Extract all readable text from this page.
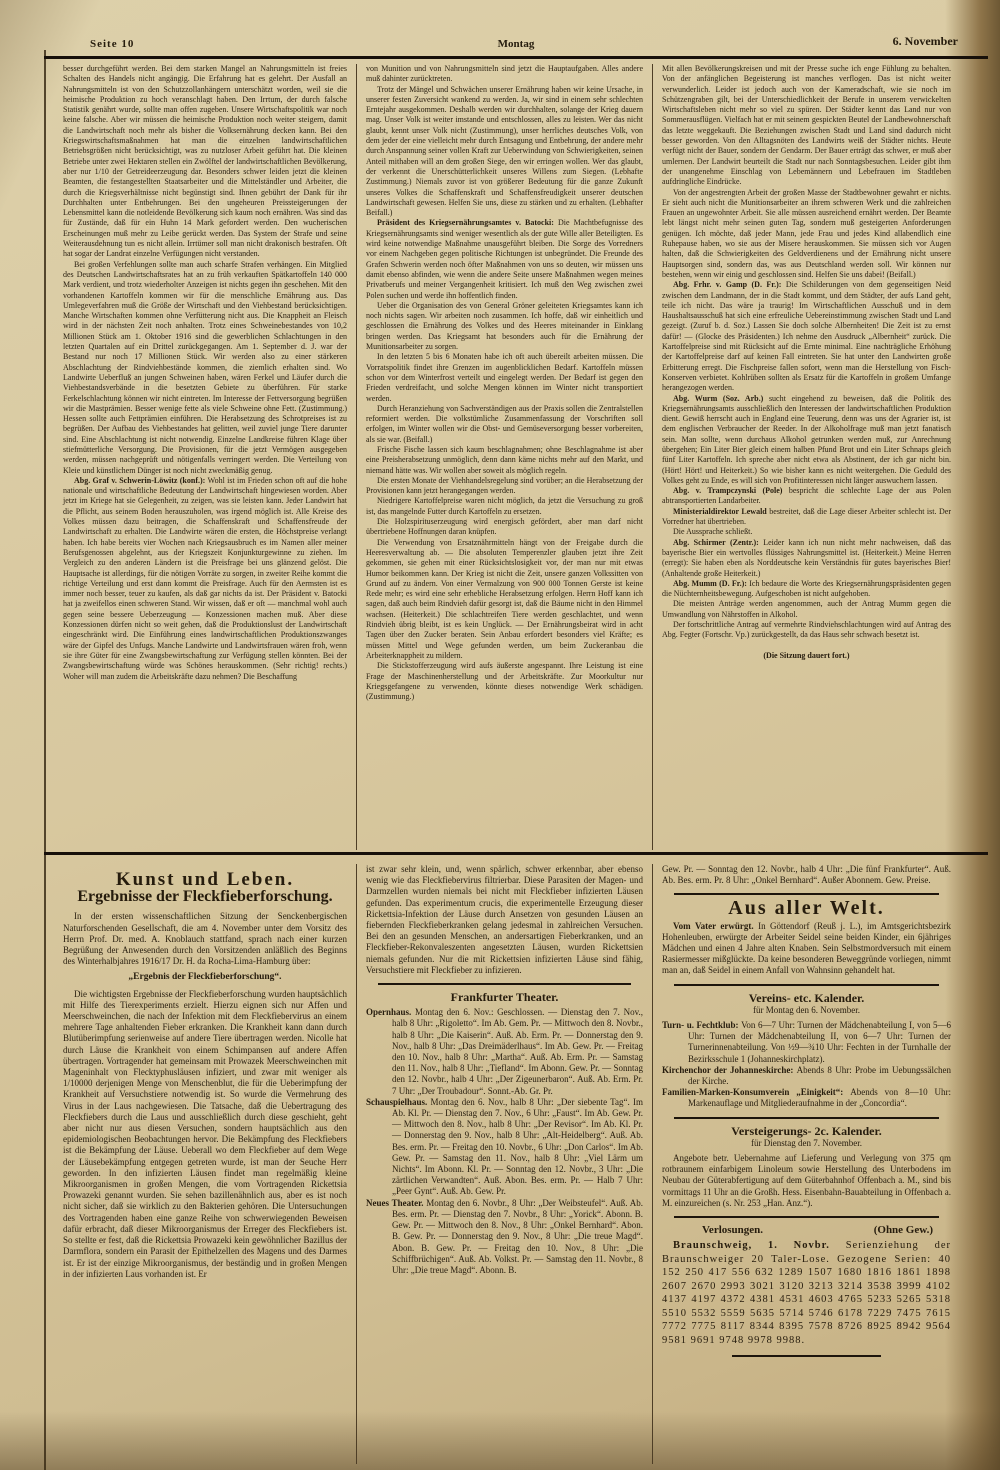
Seite 10	Montag	6. November

besser durchgeführt werden. Bei dem starken Mangel an Nahrungsmitteln ist freies Schalten des Handels nicht angängig. Die Erfahrung hat es gelehrt. Der Ausfall an Nahrungsmitteln ist von den Schutzzollanhängern unterschätzt worden, weil sie die heimische Produktion zu hoch veranschlagt haben. Den Irrtum, der durch falsche Statistik genährt wurde, sollte man offen zugeben. Unsere Wirtschaftspolitik war noch keine falsche. Aber wir müssen die heimische Produktion noch weiter steigern, damit die Landwirtschaft noch mehr als bisher die Volksernährung decken kann. Bei den Kriegswirtschaftsmaßnahmen hat man die einzelnen landwirtschaftlichen Betriebsgrößen nicht berücksichtigt, was zu nutzloser Arbeit geführt hat. Die kleinen Betriebe unter zwei Hektaren stellen ein Zwölftel der landwirtschaftlichen Bevölkerung, aber nur 1/10 der Getreideerzeugung dar. Besonders schwer leiden jetzt die kleinen Beamten, die festangestellten Staatsarbeiter und die Mittelständler und Arbeiter, die durch die Kriegsverhältnisse nicht begünstigt sind. Ihnen gebührt der Dank für ihr Durchhalten unter Entbehrungen. Bei den ungeheuren Preissteigerungen der Lebensmittel kann die notleidende Bevölkerung sich kaum noch ernähren. Was sind das für Zustände, daß für ein Huhn 14 Mark gefordert werden. Den wucherischen Erscheinungen muß mehr zu Leibe gerückt werden. Das System der Strafe und seine Weiterausdehnung tun es nicht allein. Irrtümer soll man nicht drakonisch bestrafen. Oft hat sogar der Landrat einzelne Verfügungen nicht verstanden.

Bei großen Verfehlungen sollte man auch scharfe Strafen verhängen. Ein Mitglied des Deutschen Landwirtschaftsrates hat an zu früh verkauften Spätkartoffeln 140 000 Mark verdient, und trotz wiederholter Anzeigen ist nichts gegen ihn geschehen. Mit den vorhandenen Kartoffeln kommen wir für die menschliche Ernährung aus. Das Umlegeverfahren muß die Größe der Wirtschaft und den Viehbestand berücksichtigen. Manche Wirtschaften kommen ohne Verfütterung nicht aus. Die Knappheit an Fleisch wird in der nächsten Zeit noch anhalten. Trotz eines Schweinebestandes von 10,2 Millionen Stück am 1. Oktober 1916 sind die gewerblichen Schlachtungen in den letzten Quartalen auf ein Drittel zurückgegangen. Am 1. September d. J. war der Bestand nur noch 17 Millionen Stück. Wir werden also zu einer stärkeren Abschlachtung der Rindviehbestände kommen, die ziemlich erhalten sind. Wo Landwirte Ueberfluß an jungen Schweinen haben, wären Ferkel und Läufer durch die Viehbestandsverbände in die besetzten Gebiete zu überführen. Für starke Ferkelschlachtung können wir nicht eintreten. Im Interesse der Fettversorgung begrüßen wir die Mastprämien. Besser wenige fette als viele Schweine ohne Fett. (Zustimmung.) Hessen sollte auch Fettprämien einführen. Die Herabsetzung des Schrotpreises ist zu begrüßen. Der Aufbau des Viehbestandes hat gelitten, weil zuviel junge Tiere darunter sind. Eine Abschlachtung ist nicht notwendig. Einzelne Landkreise führen Klage über stiefmütterliche Versorgung. Die Provisionen, für die jetzt Vermögen ausgegeben werden, müssen nachgeprüft und nötigenfalls verringert werden. Die Verteilung von Kleie und künstlichem Dünger ist noch nicht zweckmäßig genug.

Abg. Graf v. Schwerin-Löwitz (konf.): Wohl ist im Frieden schon oft auf die hohe nationale und wirtschaftliche Bedeutung der Landwirtschaft hingewiesen worden. Aber jetzt im Kriege hat sie Gelegenheit, zu zeigen, was sie leisten kann. Jeder Landwirt hat die Pflicht, aus seinem Boden herauszuholen, was irgend möglich ist. Alle Kreise des Volkes müssen dazu beitragen, die Schaffenskraft und Schaffensfreude der Landwirtschaft zu erhalten. Die Landwirte wären die ersten, die Höchstpreise verlangt haben. Ich habe bereits vier Wochen nach Kriegsausbruch es im Namen aller meiner Berufsgenossen abgelehnt, aus der Kriegszeit Konjunkturgewinne zu ziehen. Im Vergleich zu den anderen Ländern ist die Preisfrage bei uns glänzend gelöst. Die Hauptsache ist allerdings, für die nötigen Vorräte zu sorgen, in zweiter Reihe kommt die richtige Verteilung und erst dann kommt die Preisfrage. Auch für den Aermsten ist es immer noch besser, teuer zu kaufen, als daß gar nichts da ist. Der Präsident v. Batocki hat ja zweifellos einen schweren Stand. Wir wissen, daß er oft — manchmal wohl auch gegen seine bessere Ueberzeugung — Konzessionen machen muß. Aber diese Konzessionen dürfen nicht so weit gehen, daß die Produktionslust der Landwirtschaft eingeschränkt wird. Die Einführung eines landwirtschaftlichen Produktionszwanges wäre der Gipfel des Unfugs. Manche Landwirte und Landwirtsfrauen wären froh, wenn sie ihre Güter für eine Zwangsbewirtschaftung zur Verfügung stellen könnten. Bei der Zwangsbewirtschaftung würde was Schönes herauskommen. (Sehr richtig! rechts.) Woher will man zudem die Arbeitskräfte dazu nehmen? Die Beschaffung

von Munition und von Nahrungsmitteln sind jetzt die Hauptaufgaben. Alles andere muß dahinter zurücktreten.

Trotz der Mängel und Schwächen unserer Ernährung haben wir keine Ursache, in unserer festen Zuversicht wankend zu werden. Ja, wir sind in einem sehr schlechten Erntejahr ausgekommen. Deshalb werden wir durchhalten, solange der Krieg dauern mag. Unser Volk ist weiter imstande und entschlossen, alles zu leisten. Wer das nicht glaubt, kennt unser Volk nicht (Zustimmung), unser herrliches deutsches Volk, von dem jeder der eine vielleicht mehr durch Entsagung und Entbehrung, der andere mehr durch Anspannung seiner vollen Kraft zur Ueberwindung von Schwierigkeiten, seinen Anteil mithaben will an dem großen Siege, den wir erringen wollen. Wer das glaubt, der verkennt die Unerschütterlichkeit unseres Willens zum Siegen. (Lebhafte Zustimmung.) Niemals zuvor ist von größerer Bedeutung für die ganze Zukunft unseres Volkes die Schaffenskraft und Schaffensfreudigkeit unserer deutschen Landwirtschaft gewesen. Helfen Sie uns, diese zu stärken und zu erhalten. (Lebhafter Beifall.)

Präsident des Kriegsernährungsamtes v. Batocki: Die Machtbefugnisse des Kriegsernährungsamts sind weniger wesentlich als der gute Wille aller Beteiligten. Es wird keine notwendige Maßnahme unausgeführt bleiben. Die Sorge des Vorredners vor einem Nachgeben gegen politische Richtungen ist unbegründet. Die Freunde des Grafen Schwerin werden noch öfter Maßnahmen von uns so deuten, wir müssen uns damit ebenso abfinden, wie wenn die andere Seite unsere Maßnahmen wegen meines Privatberufs und meiner Vergangenheit kritisiert. Ich muß den Weg zwischen zwei Polen suchen und werde ihn hoffentlich finden.

Ueber die Organisation des von General Gröner geleiteten Kriegsamtes kann ich noch nichts sagen. Wir arbeiten noch zusammen. Ich hoffe, daß wir einheitlich und geschlossen die Ernährung des Volkes und des Heeres miteinander in Einklang bringen werden. Das Kriegsamt hat besonders auch für die Ernährung der Munitionsarbeiter zu sorgen.

In den letzten 5 bis 6 Monaten habe ich oft auch übereilt arbeiten müssen. Die Vorratspolitik findet ihre Grenzen im augenblicklichen Bedarf. Kartoffeln müssen schon vor dem Winterfrost verteilt und eingelegt werden. Der Bedarf ist gegen den Frieden verdreifacht, und solche Mengen können im Winter nicht transportiert werden.

Durch Heranziehung von Sachverständigen aus der Praxis sollen die Zentralstellen reformiert werden. Die volkstümliche Zusammenfassung der Vorschriften soll erfolgen, im Winter wollen wir die Obst- und Gemüseversorgung besser vorbereiten, als sie war. (Beifall.)

Frische Fische lassen sich kaum beschlagnahmen; ohne Beschlagnahme ist aber eine Preisherabsetzung unmöglich, denn dann käme nichts mehr auf den Markt, und niemand hätte was. Wir wollen aber soweit als möglich regeln.

Die ersten Monate der Viehhandelsregelung sind vorüber; an die Herabsetzung der Provisionen kann jetzt herangegangen werden.

Niedrigere Kartoffelpreise waren nicht möglich, da jetzt die Versuchung zu groß ist, das mangelnde Futter durch Kartoffeln zu ersetzen.

Die Holzspirituserzeugung wird energisch gefördert, aber man darf nicht übertriebene Hoffnungen daran knüpfen.

Die Verwendung von Ersatznährmitteln hängt von der Freigabe durch die Heeresverwaltung ab. — Die absoluten Temperenzler glauben jetzt ihre Zeit gekommen, sie gehen mit einer Rücksichtslosigkeit vor, der man nur mit etwas Humor beikommen kann. Der Krieg ist nicht die Zeit, unsere ganzen Volkssitten von Grund auf zu ändern. Von einer Vermalzung von 900 000 Tonnen Gerste ist keine Rede mehr; es wird eine sehr erhebliche Herabsetzung erfolgen. Herrn Hoff kann ich sagen, daß auch beim Rindvieh dafür gesorgt ist, daß die Bäume nicht in den Himmel wachsen. (Heiterkeit.) Die schlachtreifen Tiere werden geschlachtet, und wenn Rindvieh übrig bleibt, ist es kein Unglück. — Der Ernährungsbeirat wird in acht Tagen über den Zucker beraten. Sein Anbau erfordert besonders viel Kräfte; es müssen Mittel und Wege gefunden werden, um beim Zuckeranbau die Arbeiterknappheit zu mildern.

Die Stickstofferzeugung wird aufs äußerste angespannt. Ihre Leistung ist eine Frage der Maschinenherstellung und der Arbeitskräfte. Zur Moorkultur nur Kriegsgefangene zu verwenden, könnte dieses notwendige Werk schädigen. (Zustimmung.)

Mit allen Bevölkerungskreisen und mit der Presse suche ich enge Fühlung zu behalten. Von der anfänglichen Begeisterung ist manches verflogen. Das ist nicht weiter verwunderlich. Leider ist jedoch auch von der Kameradschaft, wie sie noch im Schützengraben gilt, bei der Unterschiedlichkeit der Berufe in unserem verwickelten Wirtschaftsleben nicht mehr so viel zu spüren. Der Städter kennt das Land nur von Sommerausflügen. Vielfach hat er mit seinem gespickten Beutel der Landbewohnerschaft das letzte weggekauft. Die Beziehungen zwischen Stadt und Land sind dadurch nicht besser geworden. Von den Alltagsnöten des Landwirts weiß der Städter nichts. Heute verfügt nicht der Bauer, sondern der Gendarm. Der Bauer erträgt das schwer, er muß aber umlernen. Der Landwirt beurteilt die Stadt nur nach Sonntagsbesuchen. Leider gibt ihm der unangenehme Einschlag von Lebemännern und Lebefrauen im Stadtleben aufdringliche Eindrücke.

Von der angestrengten Arbeit der großen Masse der Stadtbewohner gewahrt er nichts. Er sieht auch nicht die Munitionsarbeiter an ihrem schweren Werk und die zahlreichen Frauen an ungewohnter Arbeit. Sie alle müssen ausreichend ernährt werden. Der Beamte lebt längst nicht mehr seinen guten Tag, sondern muß gesteigerten Anforderungen genügen. Ich möchte, daß jeder Mann, jede Frau und jedes Kind allabendlich eine Ruhepause haben, wo sie aus der Misere herauskommen. Sie müssen sich vor Augen halten, daß die Schwierigkeiten des Geldverdienens und der Ernährung nicht unsere Hauptsorgen sind, sondern das, was aus Deutschland werden soll. Wir können nur bestehen, wenn wir einig und geschlossen sind. Helfen Sie uns dabei! (Beifall.)

Abg. Frhr. v. Gamp (D. Fr.): Die Schilderungen von dem gegenseitigen Neid zwischen dem Landmann, der in die Stadt kommt, und dem Städter, der aufs Land geht, teile ich nicht. Das wäre ja traurig! Im Wirtschaftlichen Ausschuß und in dem Haushaltsausschuß hat sich eine erfreuliche Uebereinstimmung zwischen Stadt und Land gezeigt. (Zuruf b. d. Soz.) Lassen Sie doch solche Albernheiten! Die Zeit ist zu ernst dafür! — (Glocke des Präsidenten.) Ich nehme den Ausdruck „Albernheit“ zurück. Die Kartoffelpreise sind mit Rücksicht auf die Ernte minimal. Eine nachträgliche Erhöhung der Kartoffelpreise darf auf keinen Fall eintreten. Sie hat unter den Landwirten große Erbitterung erregt. Die Fischpreise fallen sofort, wenn man die Herstellung von Fisch-Konserven verbietet. Kohlrüben sollten als Ersatz für die Kartoffeln in großem Umfange herangezogen werden.

Abg. Wurm (Soz. Arb.) sucht eingehend zu beweisen, daß die Politik des Kriegsernährungsamts ausschließlich den Interessen der landwirtschaftlichen Produktion dient. Gewiß herrscht auch in England eine Teuerung, denn was uns der Agrarier ist, ist dem englischen Verbraucher der Reeder. In der Alkoholfrage muß man jetzt fanatisch sein. Man sollte, wenn durchaus Alkohol getrunken werden muß, zur Anrechnung übergehen; Ein Liter Bier gleich einem halben Pfund Brot und ein Liter Schnaps gleich fünf Liter Kartoffeln. Ich spreche aber nicht etwa als Abstinent, der ich gar nicht bin. (Hört! Hört! und Heiterkeit.) So wie bisher kann es nicht weitergehen. Die Geduld des Volkes geht zu Ende, es will sich von Profitinteressen nicht länger auswuchern lassen.

Abg. v. Trampczynski (Pole) bespricht die schlechte Lage der aus Polen abtransportierten Landarbeiter.

Ministerialdirektor Lewald bestreitet, daß die Lage dieser Arbeiter schlecht ist. Der Vorredner hat übertrieben.

Die Aussprache schließt.

Abg. Schirmer (Zentr.): Leider kann ich nun nicht mehr nachweisen, daß das bayerische Bier ein wertvolles flüssiges Nahrungsmittel ist. (Heiterkeit.) Meine Herren (erregt): Sie haben eben als Norddeutsche kein Verständnis für gutes bayerisches Bier! (Anhaltende große Heiterkeit.)

Abg. Mumm (D. Fr.): Ich bedaure die Worte des Kriegsernährungspräsidenten gegen die Nüchternheitsbewegung. Aufgeschoben ist nicht aufgehoben.

Die meisten Anträge werden angenommen, auch der Antrag Mumm gegen die Umwandlung von Nährstoffen in Alkohol.

Der fortschrittliche Antrag auf vermehrte Rindviehschlachtungen wird auf Antrag des Abg. Fegter (Fortschr. Vp.) zurückgestellt, da das Haus sehr schwach besetzt ist.

(Die Sitzung dauert fort.)

Kunst und Leben.
Ergebnisse der Fleckfieberforschung.

In der ersten wissenschaftlichen Sitzung der Senckenbergischen Naturforschenden Gesellschaft, die am 4. November unter dem Vorsitz des Herrn Prof. Dr. med. A. Knoblauch stattfand, sprach nach einer kurzen Begrüßung der Anwesenden durch den Vorsitzenden anläßlich des Beginns des Winterhalbjahres 1916/17 Dr. H. da Rocha-Lima-Hamburg über:

„Ergebnis der Fleckfieberforschung“.

Die wichtigsten Ergebnisse der Fleckfieberforschung wurden hauptsächlich mit Hilfe des Tierexperiments erzielt. Hierzu eignen sich nur Affen und Meerschweinchen, die nach der Infektion mit dem Fleckfiebervirus an einem mehrere Tage anhaltenden Fieber erkranken. Die Krankheit kann dann durch Blutüberimpfung serienweise auf andere Tiere übertragen werden. Nicolle hat durch Läuse die Krankheit von einem Schimpansen auf andere Affen übertragen. Vortragender hat gemeinsam mit Prowazek Meerschweinchen mit Mageninhalt von Flecktyphusläusen infiziert, und zwar mit weniger als 1/10000 derjenigen Menge von Menschenblut, die für die Ueberimpfung der Krankheit auf Versuchstiere notwendig ist. So wurde die Vermehrung des Virus in der Laus nachgewiesen. Die Tatsache, daß die Uebertragung des Fleckfiebers durch die Laus und ausschließlich durch diese geschieht, geht aber nicht nur aus diesen Versuchen, sondern hauptsächlich aus den epidemiologischen Beobachtungen hervor. Die Bekämpfung des Fleckfiebers ist die Bekämpfung der Läuse. Ueberall wo dem Fleckfieber auf dem Wege der Läusebekämpfung entgegen getreten wurde, ist man der Seuche Herr geworden. In den infizierten Läusen findet man regelmäßig kleine Mikroorganismen in großen Mengen, die vom Vortragenden Rickettsia Prowazeki genannt wurden. Sie sehen bazillenähnlich aus, aber es ist noch nicht sicher, daß sie wirklich zu den Bakterien gehören. Die Untersuchungen des Vortragenden haben eine ganze Reihe von schwerwiegenden Beweisen dafür erbracht, daß dieser Mikroorganismus der Erreger des Fleckfiebers ist. So stellte er fest, daß die Rickettsia Prowazeki kein gewöhnlicher Bazillus der Darmflora, sondern ein Parasit der Epithelzellen des Magens und des Darmes ist. Er ist der einzige Mikroorganismus, der beständig und in großen Mengen in der infizierten Laus vorhanden ist. Er

ist zwar sehr klein, und, wenn spärlich, schwer erkennbar, aber ebenso wenig wie das Fleckfiebervirus filtrierbar. Diese Parasiten der Magen- und Darmzellen wurden niemals bei nicht mit Fleckfieber infizierten Läusen gefunden. Das experimentum crucis, die experimentelle Erzeugung dieser Rickettsia-Infektion der Läuse durch Ansetzen von gesunden Läusen an fiebernden Fleckfieberkranken gelang jedesmal in zahlreichen Versuchen. Bei den an gesunden Menschen, an andersartigen Fieberkranken, und an Fleckfieber-Rekonvaleszenten angesetzten Läusen, wurden Rickettsien niemals gefunden. Nur die mit Rickettsien infizierten Läuse sind fähig, Versuchstiere mit Fleckfieber zu infizieren.

Frankfurter Theater.

Opernhaus. Montag den 6. Nov.: Geschlossen. — Dienstag den 7. Nov., halb 8 Uhr: „Rigoletto“. Im Ab. Gem. Pr. — Mittwoch den 8. Novbr., halb 8 Uhr: „Die Kaiserin“. Auß. Ab. Erm. Pr. — Donnerstag den 9. Nov., halb 8 Uhr: „Das Dreimäderlhaus“. Im Ab. Gew. Pr. — Freitag den 10. Nov., halb 8 Uhr: „Martha“. Auß. Ab. Erm. Pr. — Samstag den 11. Nov., halb 8 Uhr: „Tiefland“. Im Abonn. Gew. Pr. — Sonntag den 12. Novbr., halb 4 Uhr: „Der Zigeunerbaron“. Auß. Ab. Erm. Pr. 7 Uhr: „Der Troubadour“. Sonnt.-Ab. Gr. Pr.

Schauspielhaus. Montag den 6. Nov., halb 8 Uhr: „Der siebente Tag“. Im Ab. Kl. Pr. — Dienstag den 7. Nov., 6 Uhr: „Faust“. Im Ab. Gew. Pr. — Mittwoch den 8. Nov., halb 8 Uhr: „Der Revisor“. Im Ab. Kl. Pr. — Donnerstag den 9. Nov., halb 8 Uhr: „Alt-Heidelberg“. Auß. Ab. Bes. erm. Pr. — Freitag den 10. Novbr., 6 Uhr: „Don Carlos“. Im Ab. Gew. Pr. — Samstag den 11. Nov., halb 8 Uhr: „Viel Lärm um Nichts“. Im Abonn. Kl. Pr. — Sonntag den 12. Novbr., 3 Uhr: „Die zärtlichen Verwandten“. Auß. Abon. Bes. erm. Pr. — Halb 7 Uhr: „Peer Gynt“. Auß. Ab. Gew. Pr.

Neues Theater. Montag den 6. Novbr., 8 Uhr: „Der Weibsteufel“. Auß. Ab. Bes. erm. Pr. — Dienstag den 7. Novbr., 8 Uhr: „Yorick“. Abonn. B. Gew. Pr. — Mittwoch den 8. Nov., 8 Uhr: „Onkel Bernhard“. Abon. B. Gew. Pr. — Donnerstag den 9. Nov., 8 Uhr: „Die treue Magd“. Abon. B. Gew. Pr. — Freitag den 10. Nov., 8 Uhr: „Die Schiffbrüchigen“. Auß. Ab. Volkst. Pr. — Samstag den 11. Novbr., 8 Uhr: „Die treue Magd“. Abonn. B.

Gew. Pr. — Sonntag den 12. Novbr., halb 4 Uhr: „Die fünf Frankfurter“. Auß. Ab. Bes. erm. Pr. 8 Uhr: „Onkel Bernhard“. Außer Abonnem. Gew. Preise.

Aus aller Welt.

Vom Vater erwürgt. In Göttendorf (Reuß j. L.), im Amtsgerichtsbezirk Hohenleuben, erwürgte der Arbeiter Seidel seine beiden Kinder, ein 6jähriges Mädchen und einen 4 Jahre alten Knaben. Sein Selbstmordversuch mit einem Rasiermesser mißglückte. Da keine besonderen Beweggründe vorliegen, nimmt man an, daß Seidel in einem Anfall von Wahnsinn gehandelt hat.

Vereins- etc. Kalender.
für Montag den 6. November.

Turn- u. Fechtklub: Von 6—7 Uhr: Turnen der Mädchenabteilung I, von 5—6 Uhr: Turnen der Mädchenabteilung II, von 6—7 Uhr: Turnen der Turnerinnenabteilung. Von ½9—¾10 Uhr: Fechten in der Turnhalle der Bezirksschule 1 (Johanneskirchplatz).

Kirchenchor der Johanneskirche: Abends 8 Uhr: Probe im Uebungssälchen der Kirche.

Familien-Marken-Konsumverein „Einigkeit“: Abends von 8—10 Uhr: Markenauflage und Mitgliederaufnahme in der „Concordia“.

Versteigerungs- 2c. Kalender.
für Dienstag den 7. November.

Angebote betr. Uebernahme auf Lieferung und Verlegung von 375 qm rotbraunem einfarbigem Linoleum sowie Herstellung des Unterbodens im Neubau der Güterabfertigung auf dem Güterbahnhof Offenbach a. M., sind bis vormittags 11 Uhr an die Großh. Hess. Eisenbahn-Bauabteilung in Offenbach a. M. einzureichen (s. Nr. 253 „Han. Anz.“).

Verlosungen.	(Ohne Gew.)

Braunschweig, 1. Novbr. Serienziehung der Braunschweiger 20 Taler-Lose. Gezogene Serien: 40 152 250 417 556 632 1289 1507 1680 1816 1861 1898 2607 2670 2993 3021 3120 3213 3214 3538 3999 4102 4137 4197 4372 4381 4531 4603 4765 5233 5265 5318 5510 5532 5559 5635 5714 5746 6178 7229 7475 7615 7772 7775 8117 8344 8395 7578 8726 8925 8942 9564 9581 9691 9748 9978 9988.
